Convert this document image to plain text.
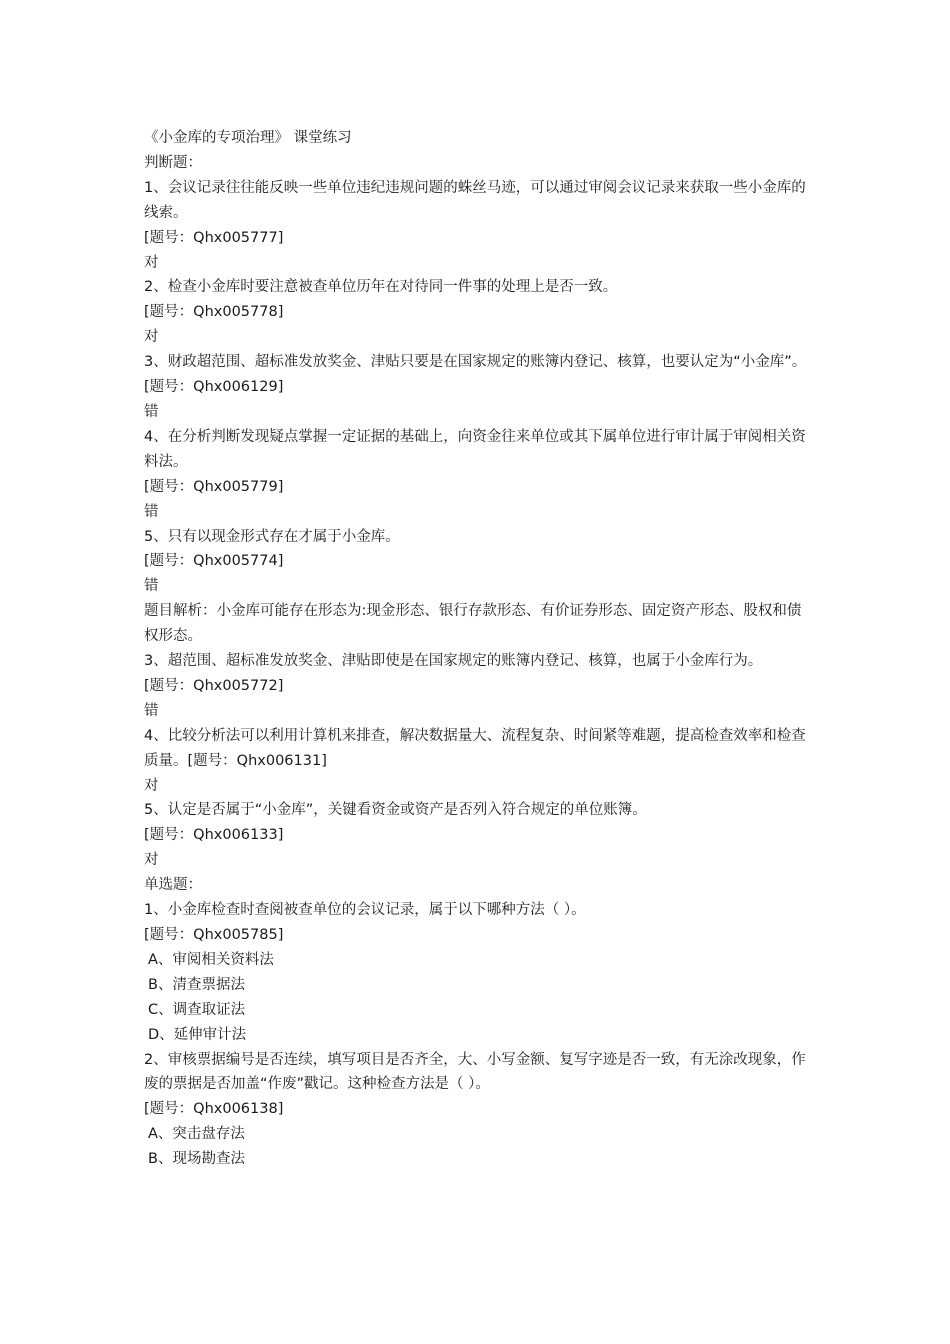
《小金库的专项治理》 课堂练习

判断题：

1、会议记录往往能反映一些单位违纪违规问题的蛛丝马迹，可以通过审阅会议记录来获取一些小金库的线索。

[题号：Qhx005777]

对

2、检查小金库时要注意被查单位历年在对待同一件事的处理上是否一致。

[题号：Qhx005778]

对

3、财政超范围、超标准发放奖金、津贴只要是在国家规定的账簿内登记、核算，也要认定为“小金库”。

[题号：Qhx006129]

错

4、在分析判断发现疑点掌握一定证据的基础上，向资金往来单位或其下属单位进行审计属于审阅相关资料法。

[题号：Qhx005779]

错

5、只有以现金形式存在才属于小金库。

[题号：Qhx005774]

错

题目解析：小金库可能存在形态为:现金形态、银行存款形态、有价证券形态、固定资产形态、股权和债权形态。

3、超范围、超标准发放奖金、津贴即使是在国家规定的账簿内登记、核算，也属于小金库行为。

[题号：Qhx005772]

错

4、比较分析法可以利用计算机来排查，解决数据量大、流程复杂、时间紧等难题，提高检查效率和检查质量。[题号：Qhx006131]

对

5、认定是否属于“小金库”，关键看资金或资产是否列入符合规定的单位账簿。

[题号：Qhx006133]

对

单选题：

1、小金库检查时查阅被查单位的会议记录，属于以下哪种方法（ ）。

[题号：Qhx005785]

A、审阅相关资料法

B、清查票据法

C、调查取证法

D、延伸审计法

2、审核票据编号是否连续，填写项目是否齐全，大、小写金额、复写字迹是否一致，有无涂改现象，作废的票据是否加盖“作废”戳记。这种检查方法是（ ）。

[题号：Qhx006138]

A、突击盘存法

B、现场勘查法
